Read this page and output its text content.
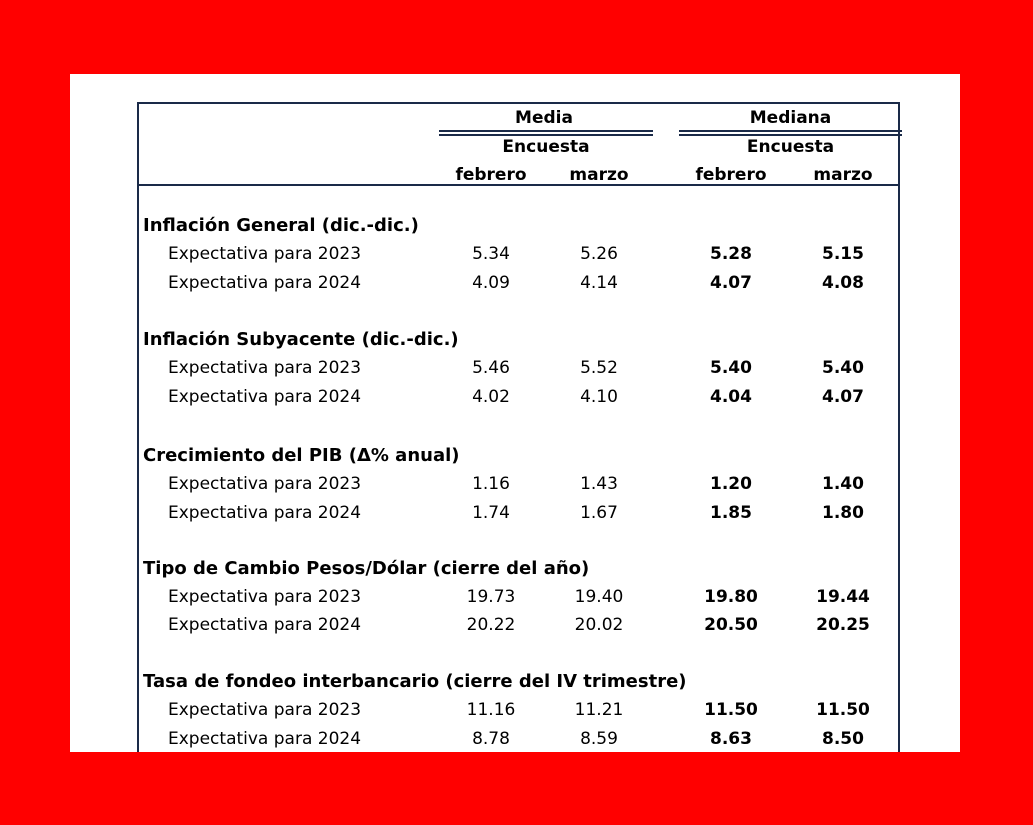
Media	Mediana
Encuesta	Encuesta
febrero	marzo	febrero	marzo
Inflación General (dic.-dic.)
Expectativa para 2023	5.34	5.26	5.28	5.15
Expectativa para 2024	4.09	4.14	4.07	4.08
Inflación Subyacente (dic.-dic.)
Expectativa para 2023	5.46	5.52	5.40	5.40
Expectativa para 2024	4.02	4.10	4.04	4.07
Crecimiento del PIB (Δ% anual)
Expectativa para 2023	1.16	1.43	1.20	1.40
Expectativa para 2024	1.74	1.67	1.85	1.80
Tipo de Cambio Pesos/Dólar (cierre del año)
Expectativa para 2023	19.73	19.40	19.80	19.44
Expectativa para 2024	20.22	20.02	20.50	20.25
Tasa de fondeo interbancario (cierre del IV trimestre)
Expectativa para 2023	11.16	11.21	11.50	11.50
Expectativa para 2024	8.78	8.59	8.63	8.50
